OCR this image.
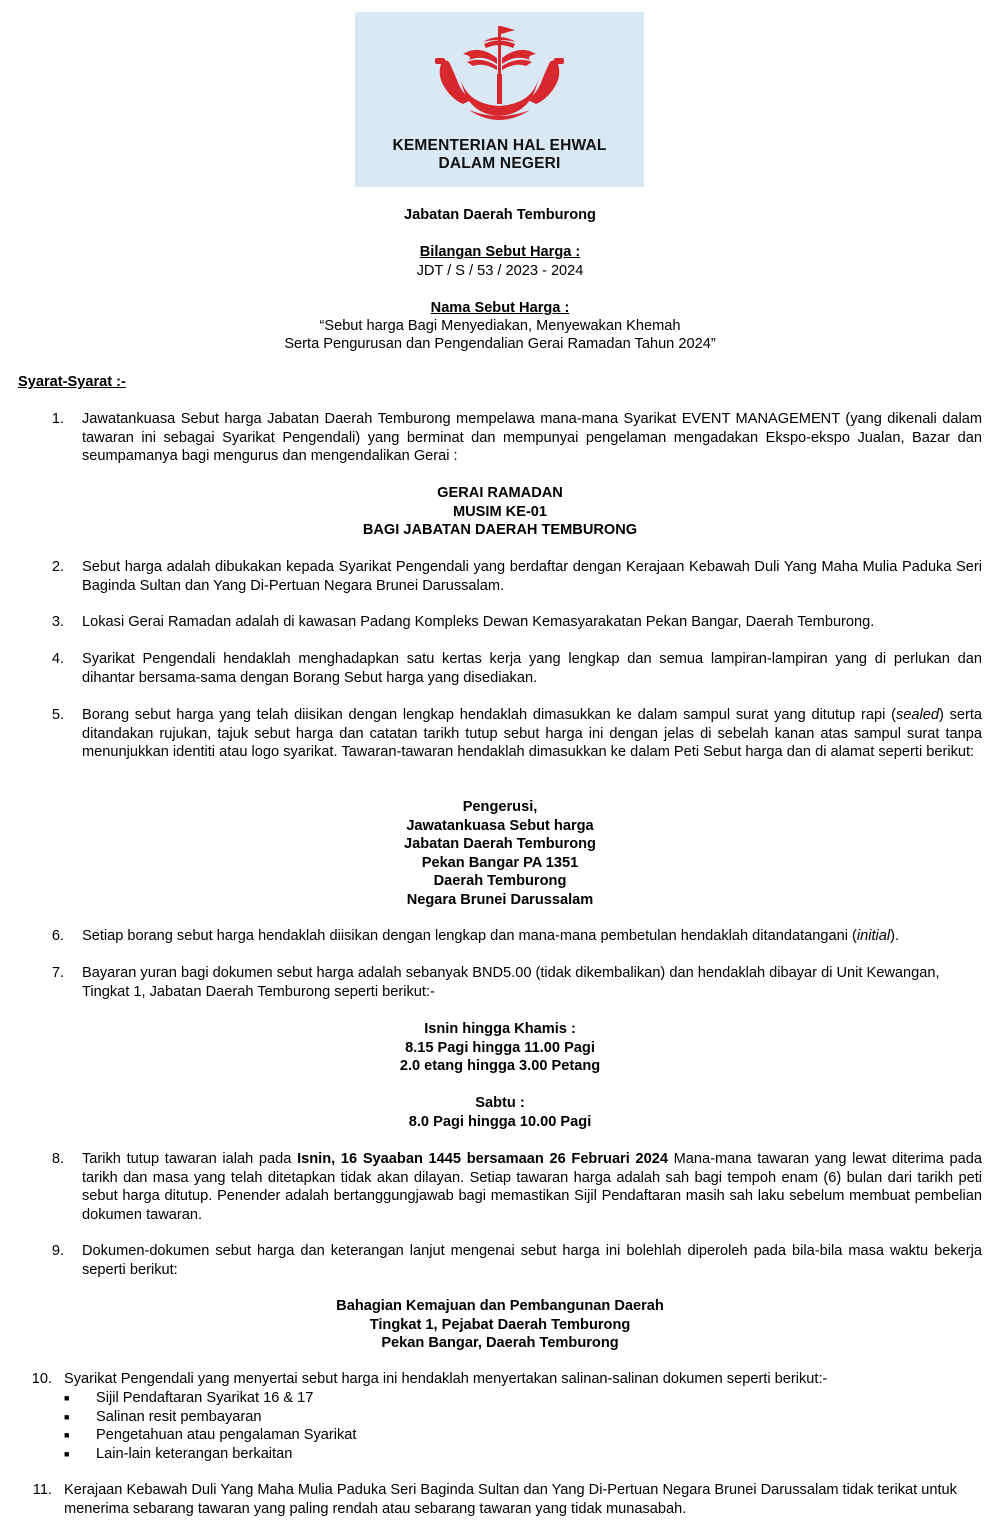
KEMENTERIAN HAL EHWAL
DALAM NEGERI
Jabatan Daerah Temburong
Bilangan Sebut Harga :
JDT / S / 53 / 2023 - 2024
Nama Sebut Harga :
“Sebut harga Bagi Menyediakan, Menyewakan Khemah
Serta Pengurusan dan Pengendalian Gerai Ramadan Tahun 2024”
Syarat-Syarat :-
1. Jawatankuasa Sebut harga Jabatan Daerah Temburong mempelawa mana-mana Syarikat EVENT MANAGEMENT (yang dikenali dalam tawaran ini sebagai Syarikat Pengendali) yang berminat dan mempunyai pengelaman mengadakan Ekspo-ekspo Jualan, Bazar dan seumpamanya bagi mengurus dan mengendalikan Gerai :
GERAI RAMADAN
MUSIM KE-01
BAGI JABATAN DAERAH TEMBURONG
2. Sebut harga adalah dibukakan kepada Syarikat Pengendali yang berdaftar dengan Kerajaan Kebawah Duli Yang Maha Mulia Paduka Seri Baginda Sultan dan Yang Di-Pertuan Negara Brunei Darussalam.
3. Lokasi Gerai Ramadan adalah di kawasan Padang Kompleks Dewan Kemasyarakatan Pekan Bangar, Daerah Temburong.
4. Syarikat Pengendali hendaklah menghadapkan satu kertas kerja yang lengkap dan semua lampiran-lampiran yang di perlukan dan dihantar bersama-sama dengan Borang Sebut harga yang disediakan.
5. Borang sebut harga yang telah diisikan dengan lengkap hendaklah dimasukkan ke dalam sampul surat yang ditutup rapi (sealed) serta ditandakan rujukan, tajuk sebut harga dan catatan tarikh tutup sebut harga ini dengan jelas di sebelah kanan atas sampul surat tanpa menunjukkan identiti atau logo syarikat. Tawaran-tawaran hendaklah dimasukkan ke dalam Peti Sebut harga dan di alamat seperti berikut:
Pengerusi,
Jawatankuasa Sebut harga
Jabatan Daerah Temburong
Pekan Bangar PA 1351
Daerah Temburong
Negara Brunei Darussalam
6. Setiap borang sebut harga hendaklah diisikan dengan lengkap dan mana-mana pembetulan hendaklah ditandatangani (initial).
7. Bayaran yuran bagi dokumen sebut harga adalah sebanyak BND5.00 (tidak dikembalikan) dan hendaklah dibayar di Unit Kewangan, Tingkat 1, Jabatan Daerah Temburong seperti berikut:-
Isnin hingga Khamis :
8.15 Pagi hingga 11.00 Pagi
2.0 etang hingga 3.00 Petang
Sabtu :
8.0 Pagi hingga 10.00 Pagi
8. Tarikh tutup tawaran ialah pada Isnin, 16 Syaaban 1445 bersamaan 26 Februari 2024 Mana-mana tawaran yang lewat diterima pada tarikh dan masa yang telah ditetapkan tidak akan dilayan. Setiap tawaran harga adalah sah bagi tempoh enam (6) bulan dari tarikh peti sebut harga ditutup. Penender adalah bertanggungjawab bagi memastikan Sijil Pendaftaran masih sah laku sebelum membuat pembelian dokumen tawaran.
9. Dokumen-dokumen sebut harga dan keterangan lanjut mengenai sebut harga ini bolehlah diperoleh pada bila-bila masa waktu bekerja seperti berikut:
Bahagian Kemajuan dan Pembangunan Daerah
Tingkat 1, Pejabat Daerah Temburong
Pekan Bangar, Daerah Temburong
10. Syarikat Pengendali yang menyertai sebut harga ini hendaklah menyertakan salinan-salinan dokumen seperti berikut:-
■ Sijil Pendaftaran Syarikat 16 & 17
■ Salinan resit pembayaran
■ Pengetahuan atau pengalaman Syarikat
■ Lain-lain keterangan berkaitan
11. Kerajaan Kebawah Duli Yang Maha Mulia Paduka Seri Baginda Sultan dan Yang Di-Pertuan Negara Brunei Darussalam tidak terikat untuk menerima sebarang tawaran yang paling rendah atau sebarang tawaran yang tidak munasabah.
